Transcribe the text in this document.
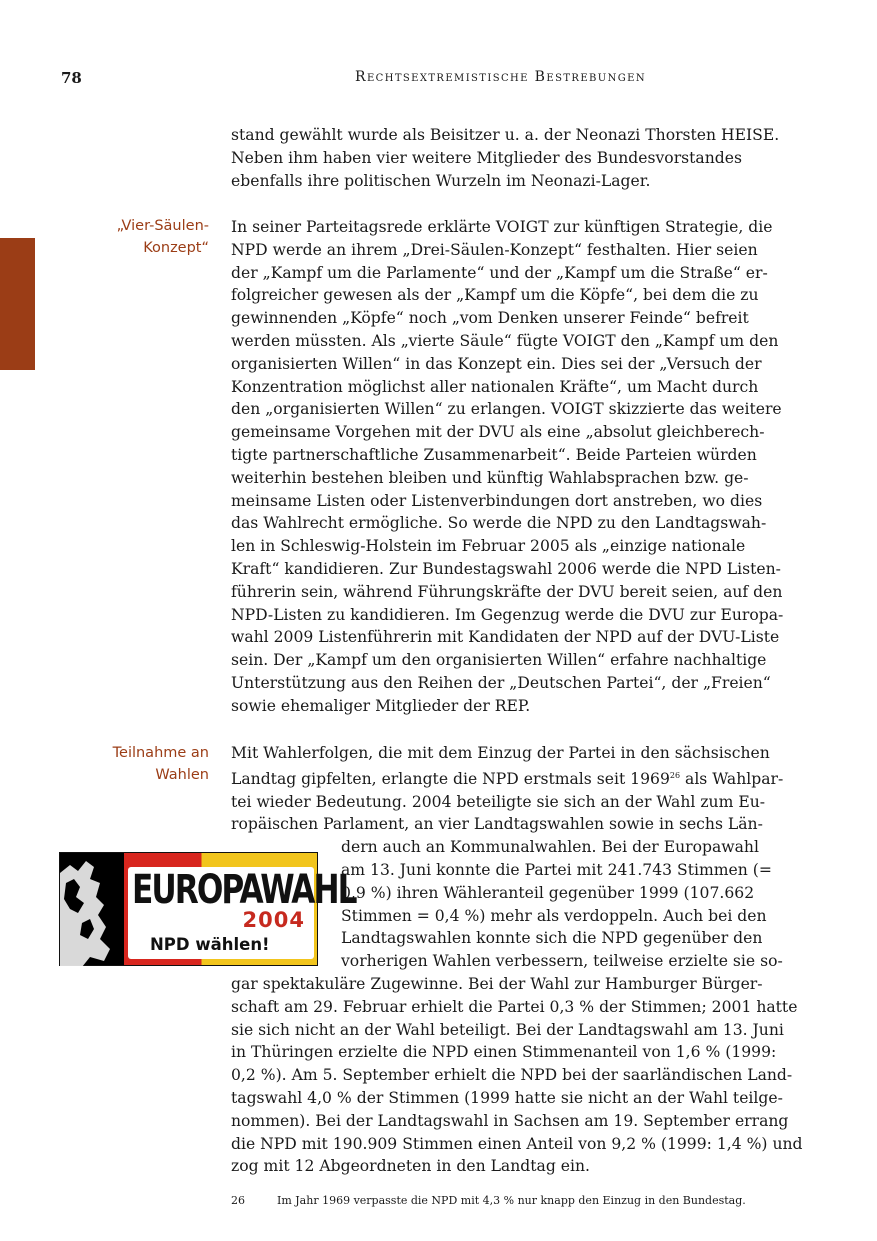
78	Rechtsextremistische Bestrebungen
stand gewählt wurde als Beisitzer u. a. der Neonazi Thorsten HEISE.
Neben ihm haben vier weitere Mitglieder des Bundesvorstandes
ebenfalls ihre politischen Wurzeln im Neonazi-Lager.
„Vier-Säulen-
Konzept“
In seiner Parteitagsrede erklärte VOIGT zur künftigen Strategie, die
NPD werde an ihrem „Drei-Säulen-Konzept“ festhalten. Hier seien
der „Kampf um die Parlamente“ und der „Kampf um die Straße“ er-
folgreicher gewesen als der „Kampf um die Köpfe“, bei dem die zu
gewinnenden „Köpfe“ noch „vom Denken unserer Feinde“ befreit
werden müssten. Als „vierte Säule“ fügte VOIGT den „Kampf um den
organisierten Willen“ in das Konzept ein. Dies sei der „Versuch der
Konzentration möglichst aller nationalen Kräfte“, um Macht durch
den „organisierten Willen“ zu erlangen. VOIGT skizzierte das weitere
gemeinsame Vorgehen mit der DVU als eine „absolut gleichberech-
tigte partnerschaftliche Zusammenarbeit“. Beide Parteien würden
weiterhin bestehen bleiben und künftig Wahlabsprachen bzw. ge-
meinsame Listen oder Listenverbindungen dort anstreben, wo dies
das Wahlrecht ermögliche. So werde die NPD zu den Landtagswah-
len in Schleswig-Holstein im Februar 2005 als „einzige nationale
Kraft“ kandidieren. Zur Bundestagswahl 2006 werde die NPD Listen-
führerin sein, während Führungskräfte der DVU bereit seien, auf den
NPD-Listen zu kandidieren. Im Gegenzug werde die DVU zur Europa-
wahl 2009 Listenführerin mit Kandidaten der NPD auf der DVU-Liste
sein. Der „Kampf um den organisierten Willen“ erfahre nachhaltige
Unterstützung aus den Reihen der „Deutschen Partei“, der „Freien“
sowie ehemaliger Mitglieder der REP.
Teilnahme an
Wahlen
Mit Wahlerfolgen, die mit dem Einzug der Partei in den sächsischen
Landtag gipfelten, erlangte die NPD erstmals seit 1969$^{26}$ als Wahlpar-
tei wieder Bedeutung. 2004 beteiligte sie sich an der Wahl zum Eu-
ropäischen Parlament, an vier Landtagswahlen sowie in sechs Län-
dern auch an Kommunalwahlen. Bei der Europawahl
am 13. Juni konnte die Partei mit 241.743 Stimmen (=
0,9 %) ihren Wähleranteil gegenüber 1999 (107.662
Stimmen = 0,4 %) mehr als verdoppeln. Auch bei den
Landtagswahlen konnte sich die NPD gegenüber den
vorherigen Wahlen verbessern, teilweise erzielte sie so-
gar spektakuläre Zugewinne. Bei der Wahl zur Hamburger Bürger-
schaft am 29. Februar erhielt die Partei 0,3 % der Stimmen; 2001 hatte
sie sich nicht an der Wahl beteiligt. Bei der Landtagswahl am 13. Juni
in Thüringen erzielte die NPD einen Stimmenanteil von 1,6 % (1999:
0,2 %). Am 5. September erhielt die NPD bei der saarländischen Land-
tagswahl 4,0 % der Stimmen (1999 hatte sie nicht an der Wahl teilge-
nommen). Bei der Landtagswahl in Sachsen am 19. September errang
die NPD mit 190.909 Stimmen einen Anteil von 9,2 % (1999: 1,4 %) und
zog mit 12 Abgeordneten in den Landtag ein.
EUROPAWAHL
2004
NPD wählen!
26	Im Jahr 1969 verpasste die NPD mit 4,3 % nur knapp den Einzug in den Bundestag.
